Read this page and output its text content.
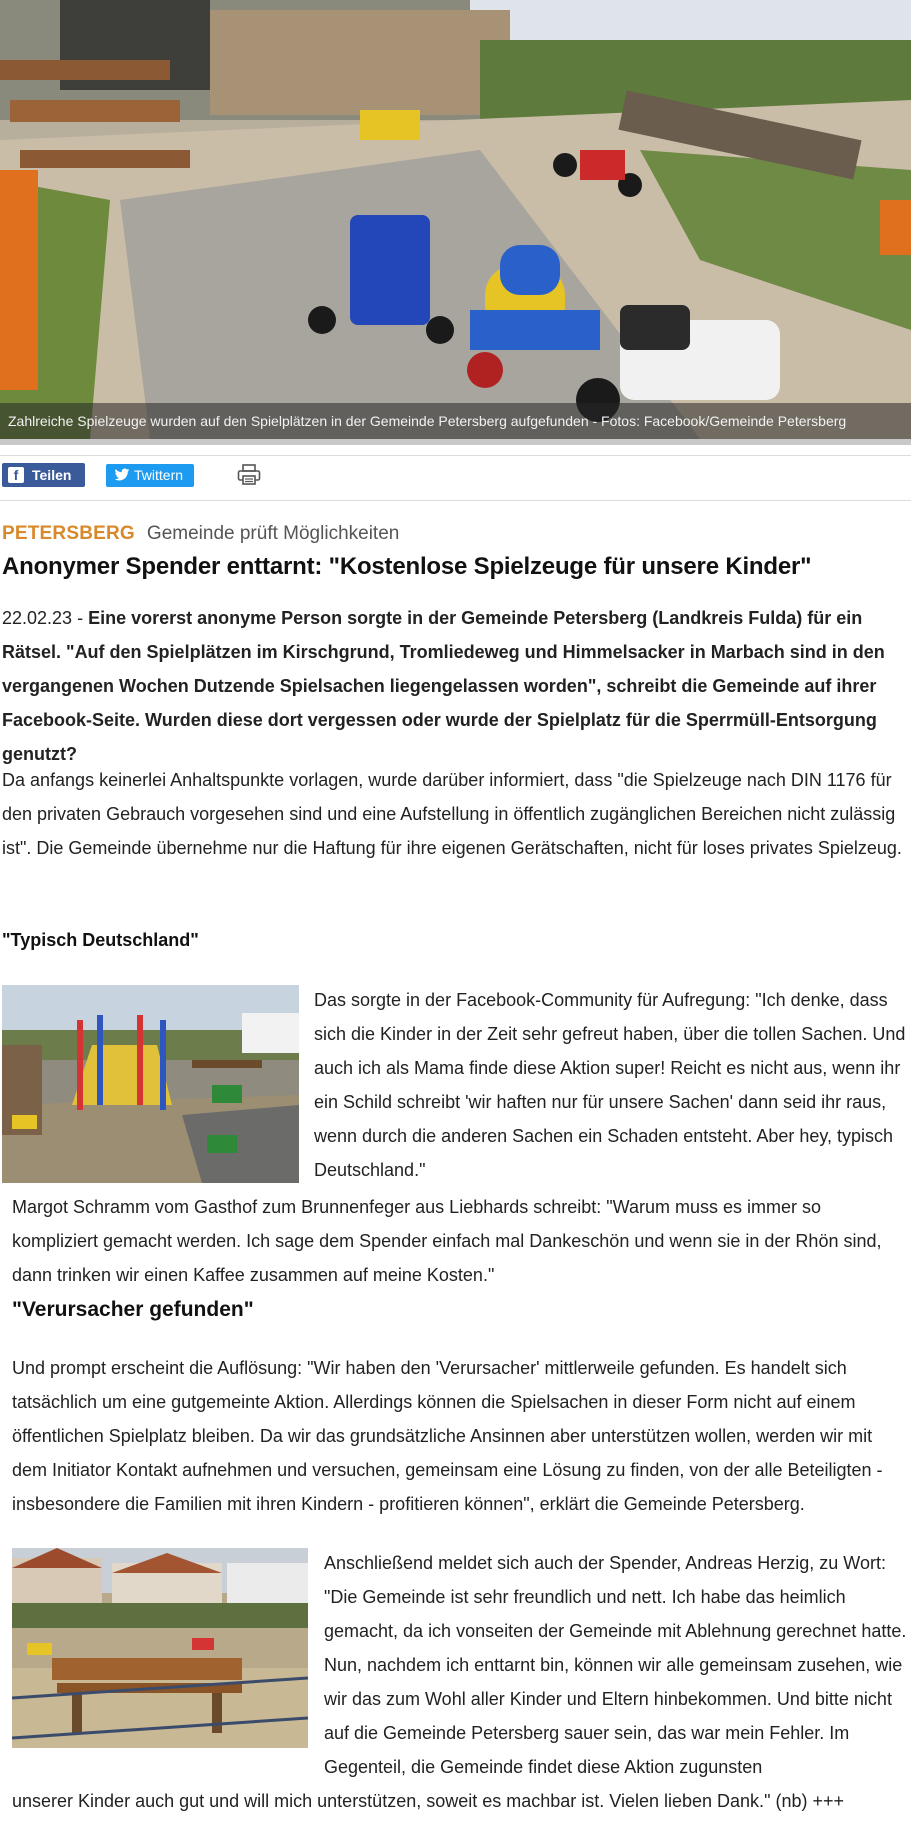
Zahlreiche Spielzeuge wurden auf den Spielplätzen in der Gemeinde Petersberg aufgefunden - Fotos: Facebook/Gemeinde Petersberg
f Teilen	Twittern
PETERSBERG Gemeinde prüft Möglichkeiten
Anonymer Spender enttarnt: "Kostenlose Spielzeuge für unsere Kinder"

22.02.23 - Eine vorerst anonyme Person sorgte in der Gemeinde Petersberg (Landkreis Fulda) für ein Rätsel. "Auf den Spielplätzen im Kirschgrund, Tromliedeweg und Himmelsacker in Marbach sind in den vergangenen Wochen Dutzende Spielsachen liegengelassen worden", schreibt die Gemeinde auf ihrer Facebook-Seite. Wurden diese dort vergessen oder wurde der Spielplatz für die Sperrmüll-Entsorgung genutzt?

Da anfangs keinerlei Anhaltspunkte vorlagen, wurde darüber informiert, dass "die Spielzeuge nach DIN 1176 für den privaten Gebrauch vorgesehen sind und eine Aufstellung in öffentlich zugänglichen Bereichen nicht zulässig ist". Die Gemeinde übernehme nur die Haftung für ihre eigenen Gerätschaften, nicht für loses privates Spielzeug.

"Typisch Deutschland"

Das sorgte in der Facebook-Community für Aufregung: "Ich denke, dass sich die Kinder in der Zeit sehr gefreut haben, über die tollen Sachen. Und auch ich als Mama finde diese Aktion super! Reicht es nicht aus, wenn ihr ein Schild schreibt 'wir haften nur für unsere Sachen' dann seid ihr raus, wenn durch die anderen Sachen ein Schaden entsteht. Aber hey, typisch Deutschland."

Margot Schramm vom Gasthof zum Brunnenfeger aus Liebhards schreibt: "Warum muss es immer so kompliziert gemacht werden. Ich sage dem Spender einfach mal Dankeschön und wenn sie in der Rhön sind, dann trinken wir einen Kaffee zusammen auf meine Kosten."

"Verursacher gefunden"

Und prompt erscheint die Auflösung: "Wir haben den 'Verursacher' mittlerweile gefunden. Es handelt sich tatsächlich um eine gutgemeinte Aktion. Allerdings können die Spielsachen in dieser Form nicht auf einem öffentlichen Spielplatz bleiben. Da wir das grundsätzliche Ansinnen aber unterstützen wollen, werden wir mit dem Initiator Kontakt aufnehmen und versuchen, gemeinsam eine Lösung zu finden, von der alle Beteiligten - insbesondere die Familien mit ihren Kindern - profitieren können", erklärt die Gemeinde Petersberg.

Anschließend meldet sich auch der Spender, Andreas Herzig, zu Wort: "Die Gemeinde ist sehr freundlich und nett. Ich habe das heimlich gemacht, da ich vonseiten der Gemeinde mit Ablehnung gerechnet hatte. Nun, nachdem ich enttarnt bin, können wir alle gemeinsam zusehen, wie wir das zum Wohl aller Kinder und Eltern hinbekommen. Und bitte nicht auf die Gemeinde Petersberg sauer sein, das war mein Fehler. Im Gegenteil, die Gemeinde findet diese Aktion zugunsten

unserer Kinder auch gut und will mich unterstützen, soweit es machbar ist. Vielen lieben Dank." (nb) +++
